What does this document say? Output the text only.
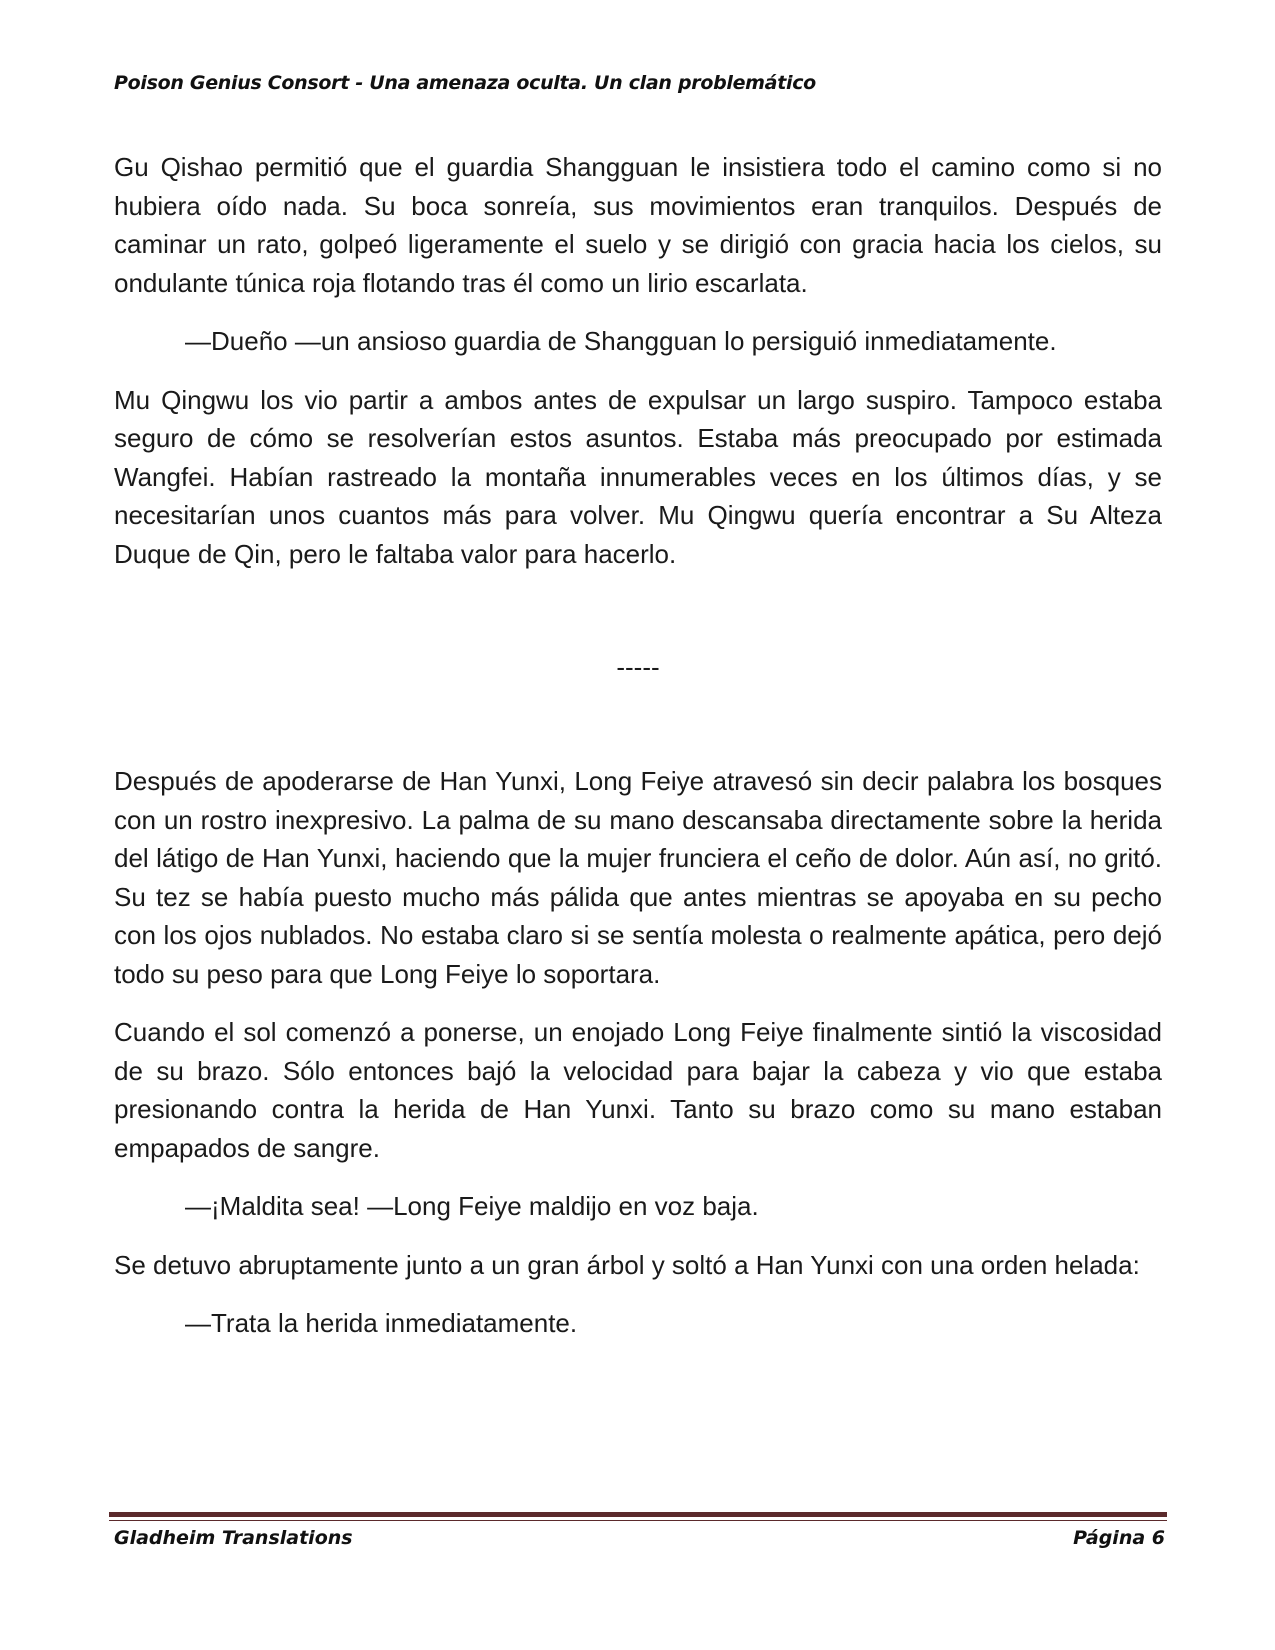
Poison Genius Consort - Una amenaza oculta. Un clan problemático

Gu Qishao permitió que el guardia Shangguan le insistiera todo el camino como si no hubiera oído nada. Su boca sonreía, sus movimientos eran tranquilos. Después de caminar un rato, golpeó ligeramente el suelo y se dirigió con gracia hacia los cielos, su ondulante túnica roja flotando tras él como un lirio escarlata.

—Dueño —un ansioso guardia de Shangguan lo persiguió inmediatamente.

Mu Qingwu los vio partir a ambos antes de expulsar un largo suspiro. Tampoco estaba seguro de cómo se resolverían estos asuntos. Estaba más preocupado por estimada Wangfei. Habían rastreado la montaña innumerables veces en los últimos días, y se necesitarían unos cuantos más para volver. Mu Qingwu quería encontrar a Su Alteza Duque de Qin, pero le faltaba valor para hacerlo.

-----

Después de apoderarse de Han Yunxi, Long Feiye atravesó sin decir palabra los bosques con un rostro inexpresivo. La palma de su mano descansaba directamente sobre la herida del látigo de Han Yunxi, haciendo que la mujer frunciera el ceño de dolor. Aún así, no gritó. Su tez se había puesto mucho más pálida que antes mientras se apoyaba en su pecho con los ojos nublados. No estaba claro si se sentía molesta o realmente apática, pero dejó todo su peso para que Long Feiye lo soportara.

Cuando el sol comenzó a ponerse, un enojado Long Feiye finalmente sintió la viscosidad de su brazo. Sólo entonces bajó la velocidad para bajar la cabeza y vio que estaba presionando contra la herida de Han Yunxi. Tanto su brazo como su mano estaban empapados de sangre.

—¡Maldita sea! —Long Feiye maldijo en voz baja.

Se detuvo abruptamente junto a un gran árbol y soltó a Han Yunxi con una orden helada:

—Trata la herida inmediatamente.

Gladheim Translations	Página 6
